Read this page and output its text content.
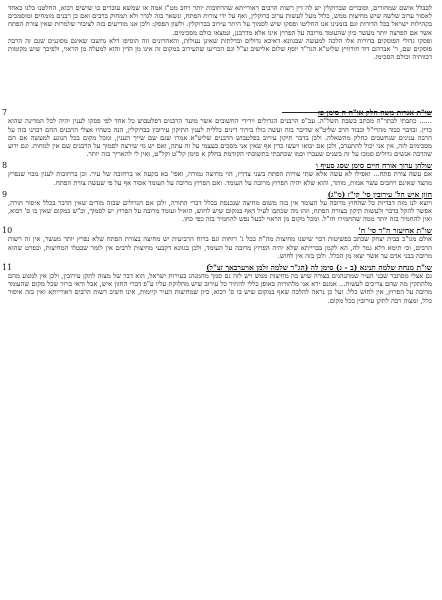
לבבלל אישם שמחורים, וסוברים שברוקלין יש לה דין רשות הרבים דאורייתא שהרחובות יותר רחב מט"ז אמה או שמשא עוברים בו שישים רבוא, החלטנו כלנו כאחד לאסור ערוב שלשה שיש מחיצות ממש, כלול מעל לעשות ערוב ברוקלין, ואף על ידי צורות הפתח, ונשאר בזה לגדר ולא תמחוק ברבים ואם כן רבנים מומחים ומוסמכים בקהילות ישראל בכל הדורות וגם בזמנינו אנו החליטו ופסקו שיש לסמוך על היתר עירוב בברוקלין. ולשון הפסק: ולכן אנו מודיעים בזה לציבור שלמרות שאין צורת הפתח אשר אם הפרצה יותר מעשר כיון שהעומד מרובה על הפרוץ אינו אלא מדרבנן, ונמצאו כולם מסכימים.

ופסקו גדולי הפוסקים בדורות אלו הלכה למעשה שבגוונא דאיכא גדולים ובדלתות שאינן נעולות, והאחרונים וזה הוסיפו דלא נחשבו שאינם מסוננים שגם זה הרבה פוסקים שם, ר' אברהם דוד חורוויץ שליט"א הגר"ד יוסף שלום אלישיב זצ"ל וגם הכריעו שהעירוב במקום זה אינו מן הדין והוא למעלה מן הראוי, ולפיכך שיש מקומות דכוותיה וכולם הסכימו.

7	שו"ת אגרות משה חלק או"ח ח סימן פז

...... כתבתי לכתר"ה מכתב בשבת תשל"ה. עכ"פ הרבנים הגדולים וידידי החשובים אשר מועד הרבנים דפלטבוש כל אחד לפי פסקו לענין יהיה לכל המדינה שהוא כדין. ובדבר כבוד מהרי"ל וכבוד הרב שליט"א שדיבר בזה ועשה כולו בירור דינים כללית לענין התיקון עירובין בברוקלין, הנה כשהיו אצלי הרבנים ההם דברנו בזה על הרבה ענינים שנחשבים כחלק מהשאלה. ולכן בדבר תיקון עירוב בפלטבוש הרבנים שליט"א אמרו שגם שם שייך הענין, ומכל מקום בכל הנוגע למעשה אם הם מסכימים לזה, אין אני יכול להתערב, ולכן אם יבואו ויעשו כדין אף שאין אני מסכים בעצמי על זה עתה, ואם יש מי שירצה לסמוך על הרבנים שם אין למחות. וגם ידוע שהרבה אנשים גדולים סמכו על זה בשנים שעברו וכמו שכתבתי בתשובתי הקודמת בחלק א סימן קל"ט וקל"ט, ואין לי להאריך בזה יותר.

8	שולחן ערוך אורח חיים סימן שסג סעיף ו

אם עשה צורת פתח... ואפילו לא עשה אלא שתי צורות הפתח בשני צדדיו, הוי מחיצה גמורה, ואפי' בא בקעה או ברחובה של עיר. וכן ברחובות לענין מבוי שנפרץ מהצד שאינם רחבים עשר אמות, מותר, והוא שלא יהיה הפרוץ מרובה על העומד. ואם הפרוץ מרובה על העומד אסור אף על פי שעשה צורת הפתח.

9	חזון איש הל' עירובין סי' קי"ז (מ"ג)

ויוצא לנו מזה דבדיות כל שהחוץ מרובה על העומד אין בזה משום מחיצה שנכנסת בכלל דברי התורה, ולכן אם הגדולים שבזה מודים שאין הדבר בכלל איסור תורה, אפשר להקל בדבר ולעשות תיקון בצורת הפתח, וזהו מה שכתבו לעיל דאף במקום שיש לחוש, הואיל ועומד מרובה על הפרוץ יש לסמוך, וכ"ש במקום שאין בו ס' רבוא, ואין להחמיר בזה יותר ממה שהחמירו חז"ל. ומכל מקום מן הראוי לבעל נפש להחמיר בזה כפי כחו.

10	שו"ת אחיעזר ח"ד סי' ח'

אולם מגו"כ בבית יצחק שכתב בפשיטות דבר שישנו מחיצות מה"ת בכל ג' רוחות וגם ברוח הרביעית יש מחיצה בצורת הפתח שלא נפרץ יותר מעשר, אין זה רשות הרבים, וכי תימא דלא גמר לה, הא לקמן בברייתא שלא יהיה הפרוץ מרובה על העומד, ולכן בגוונא דקבעי מחיצות לרבים אין לומר שבטלו המחיצות, ובפרט שהוא מרובה בבני אדם עד אשר יצאו מן הכלל. ולכן בזה אין לחוש.

11	שו"ת מנחת שלמה תנינא (ב - ג) סימן לה (הג"ר שלמה זלמן אויערבאך זצ"ל)

גם אצלי מסתבר שבני העיר שמתנהגים בצורה שיש בה מחיצות ממש ויש לזה גם סמך מהמנהג בעירות ישראל, הוא דבר של מצוה לתקן עירובין, ולכן אין למנוע מהם מלהתקין מה שהם צריכים לעשות... אמנם ירא אני מלהורות באופן כללי להתיר כל עירוב שיש מחלוקת עליו ע"פ דברי החזון איש, אבל ודאי ברור שכל מקום שהעומד מרובה על הפרוץ, אין לחוש כלל. ועל כן נראה להלכה שאף במקום שיש בו ס' רבוא, כיון שמחיצות העיר קיימות, אינו חשיב רשות הרבים דאורייתא ואין בזה איסור כלל, ומצוה רבה לתקן עירובין בכל מקום.
